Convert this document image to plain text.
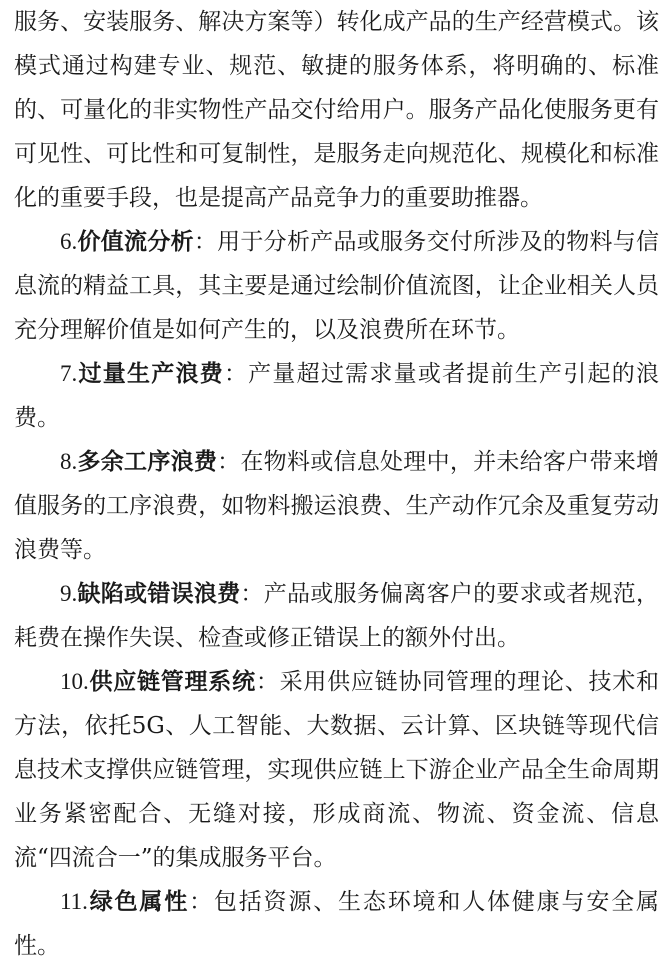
服务、安装服务、解决方案等）转化成产品的生产经营模式。该模式通过构建专业、规范、敏捷的服务体系，将明确的、标准的、可量化的非实物性产品交付给用户。服务产品化使服务更有可见性、可比性和可复制性，是服务走向规范化、规模化和标准化的重要手段，也是提高产品竞争力的重要助推器。

6.价值流分析：用于分析产品或服务交付所涉及的物料与信息流的精益工具，其主要是通过绘制价值流图，让企业相关人员充分理解价值是如何产生的，以及浪费所在环节。

7.过量生产浪费：产量超过需求量或者提前生产引起的浪费。

8.多余工序浪费：在物料或信息处理中，并未给客户带来增值服务的工序浪费，如物料搬运浪费、生产动作冗余及重复劳动浪费等。

9.缺陷或错误浪费：产品或服务偏离客户的要求或者规范，耗费在操作失误、检查或修正错误上的额外付出。

10.供应链管理系统：采用供应链协同管理的理论、技术和方法，依托5G、人工智能、大数据、云计算、区块链等现代信息技术支撑供应链管理，实现供应链上下游企业产品全生命周期业务紧密配合、无缝对接，形成商流、物流、资金流、信息流“四流合一”的集成服务平台。

11.绿色属性：包括资源、生态环境和人体健康与安全属性。
